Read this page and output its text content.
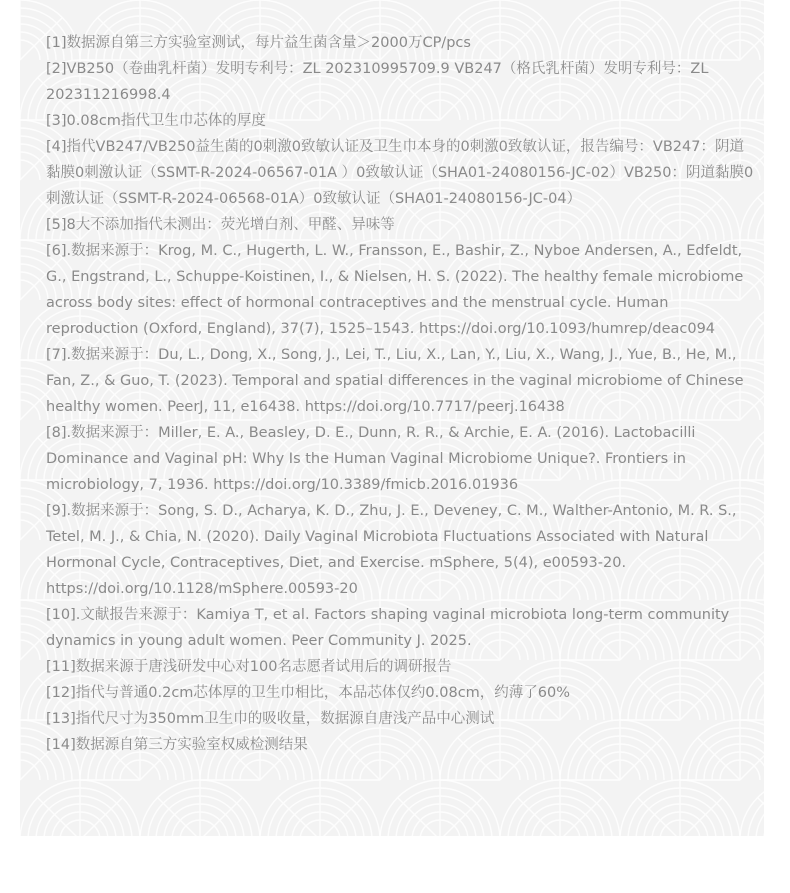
[1]数据源自第三方实验室测试，每片益生菌含量＞2000万CP/pcs
[2]VB250（卷曲乳杆菌）发明专利号：ZL 202310995709.9 VB247（格氏乳杆菌）发明专利号：ZL 202311216998.4
[3]0.08cm指代卫生巾芯体的厚度
[4]指代VB247/VB250益生菌的0刺激0致敏认证及卫生巾本身的0刺激0致敏认证，报告编号：VB247：阴道黏膜0刺激认证（SSMT-R-2024-06567-01A ）0致敏认证（SHA01-24080156-JC-02）VB250：阴道黏膜0刺激认证（SSMT-R-2024-06568-01A）0致敏认证（SHA01-24080156-JC-04）
[5]8大不添加指代未测出：荧光增白剂、甲醛、异味等
[6].数据来源于：Krog, M. C., Hugerth, L. W., Fransson, E., Bashir, Z., Nyboe Andersen, A., Edfeldt, G., Engstrand, L., Schuppe-Koistinen, I., & Nielsen, H. S. (2022). The healthy female microbiome across body sites: effect of hormonal contraceptives and the menstrual cycle. Human reproduction (Oxford, England), 37(7), 1525–1543. https://doi.org/10.1093/humrep/deac094
[7].数据来源于：Du, L., Dong, X., Song, J., Lei, T., Liu, X., Lan, Y., Liu, X., Wang, J., Yue, B., He, M., Fan, Z., & Guo, T. (2023). Temporal and spatial differences in the vaginal microbiome of Chinese healthy women. PeerJ, 11, e16438. https://doi.org/10.7717/peerj.16438
[8].数据来源于：Miller, E. A., Beasley, D. E., Dunn, R. R., & Archie, E. A. (2016). Lactobacilli Dominance and Vaginal pH: Why Is the Human Vaginal Microbiome Unique?. Frontiers in microbiology, 7, 1936. https://doi.org/10.3389/fmicb.2016.01936
[9].数据来源于：Song, S. D., Acharya, K. D., Zhu, J. E., Deveney, C. M., Walther-Antonio, M. R. S., Tetel, M. J., & Chia, N. (2020). Daily Vaginal Microbiota Fluctuations Associated with Natural Hormonal Cycle, Contraceptives, Diet, and Exercise. mSphere, 5(4), e00593-20. https://doi.org/10.1128/mSphere.00593-20
[10].文献报告来源于：Kamiya T, et al. Factors shaping vaginal microbiota long-term community dynamics in young adult women. Peer Community J. 2025.
[11]数据来源于唐浅研发中心对100名志愿者试用后的调研报告
[12]指代与普通0.2cm芯体厚的卫生巾相比，本品芯体仅约0.08cm，约薄了60%
[13]指代尺寸为350mm卫生巾的吸收量，数据源自唐浅产品中心测试
[14]数据源自第三方实验室权威检测结果
